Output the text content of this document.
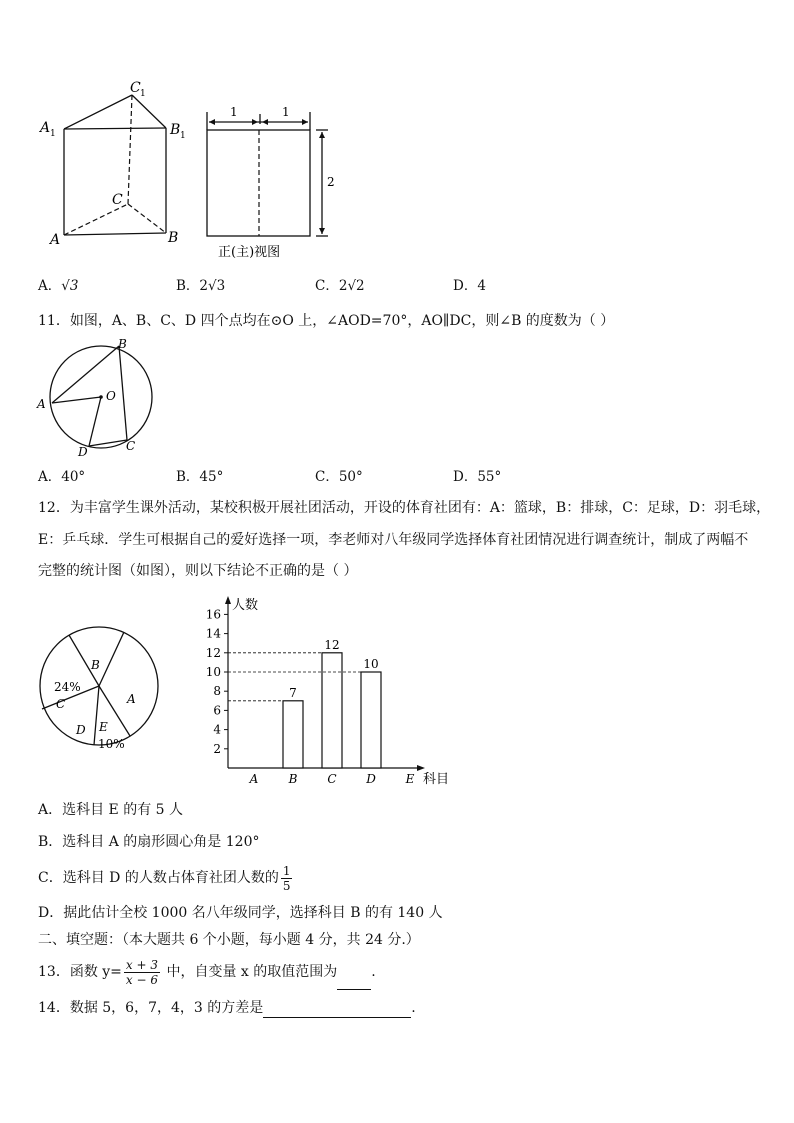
C 1
A 1	B 1
C
A	B
1	1
2
正(主)视图
A．√3	B．2√3	C．2√2	D．4
11．如图，A、B、C、D 四个点均在⊙O 上，∠AOD=70°，AO∥DC，则∠B 的度数为（ ）
B
A
O
C
D
A．40°	B．45°	C．50°	D．55°
12．为丰富学生课外活动，某校积极开展社团活动，开设的体育社团有：A：篮球，B：排球，C：足球，D：羽毛球，
E：乒乓球．学生可根据自己的爱好选择一项，李老师对八年级同学选择体育社团情况进行调查统计，制成了两幅不
完整的统计图（如图），则以下结论不正确的是（ ）
B
A
24%
C
D E
10%	2
4
6
8
10
12
14
16
A	B C D E
7
12
10
人数
科目
A．选科目 E 的有 5 人
B．选科目 A 的扇形圆心角是 120°
C．选科目 D 的人数占体育社团人数的 $\frac{1}{5}$
D．据此估计全校 1000 名八年级同学，选择科目 B 的有 140 人
二、填空题：（本大题共 6 个小题，每小题 4 分，共 24 分.）
13．函数 $y= \frac{x + 3}{x - 6}$ 中，自变量 x 的取值范围为 .
14．数据 5，6，7，4，3 的方差是	.
